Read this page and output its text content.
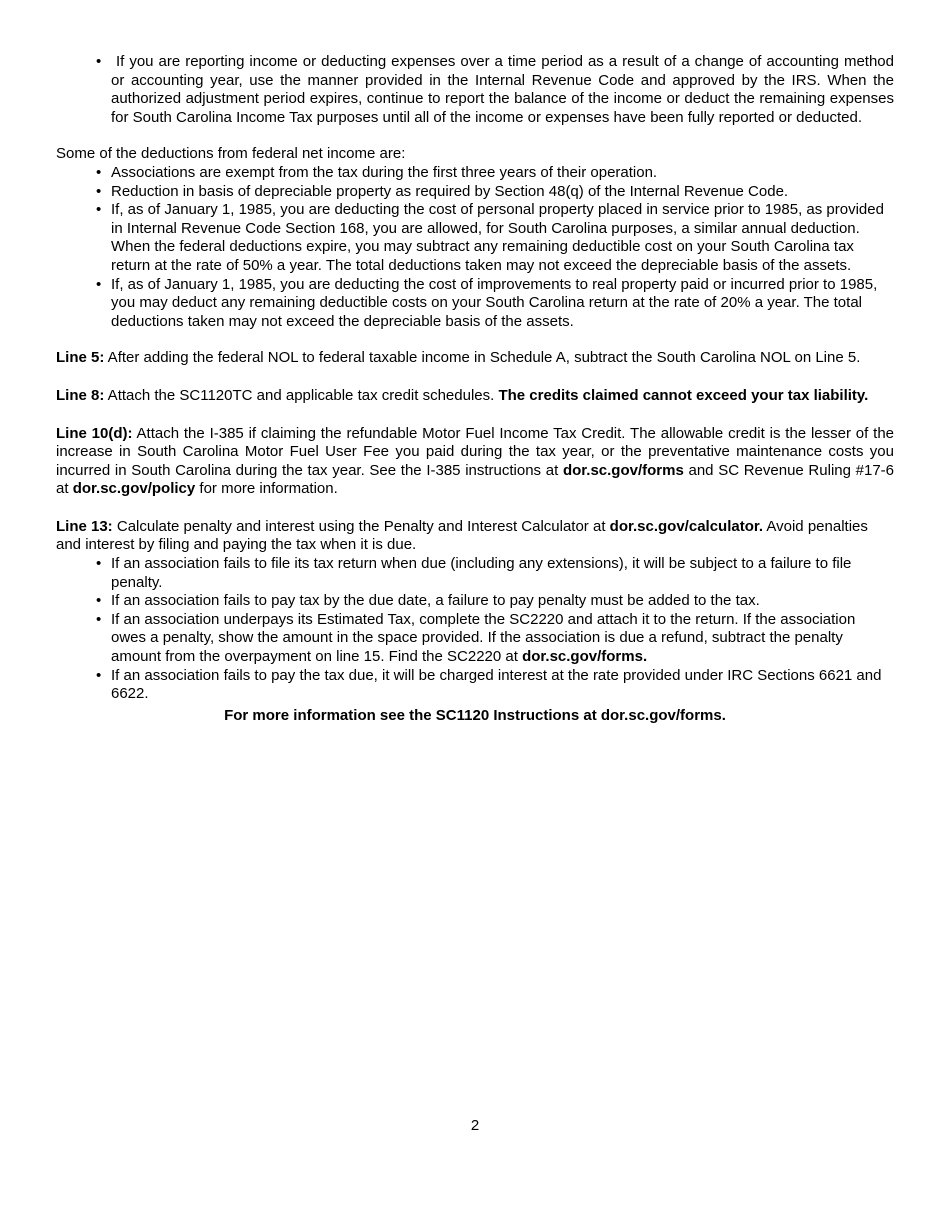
• If you are reporting income or deducting expenses over a time period as a result of a change of accounting method or accounting year, use the manner provided in the Internal Revenue Code and approved by the IRS. When the authorized adjustment period expires, continue to report the balance of the income or deduct the remaining expenses for South Carolina Income Tax purposes until all of the income or expenses have been fully reported or deducted.

Some of the deductions from federal net income are:

• Associations are exempt from the tax during the first three years of their operation.
• Reduction in basis of depreciable property as required by Section 48(q) of the Internal Revenue Code.
• If, as of January 1, 1985, you are deducting the cost of personal property placed in service prior to 1985, as provided in Internal Revenue Code Section 168, you are allowed, for South Carolina purposes, a similar annual deduction. When the federal deductions expire, you may subtract any remaining deductible cost on your South Carolina tax return at the rate of 50% a year. The total deductions taken may not exceed the depreciable basis of the assets.
• If, as of January 1, 1985, you are deducting the cost of improvements to real property paid or incurred prior to 1985, you may deduct any remaining deductible costs on your South Carolina return at the rate of 20% a year. The total deductions taken may not exceed the depreciable basis of the assets.

Line 5: After adding the federal NOL to federal taxable income in Schedule A, subtract the South Carolina NOL on Line 5.

Line 8: Attach the SC1120TC and applicable tax credit schedules. The credits claimed cannot exceed your tax liability.

Line 10(d): Attach the I-385 if claiming the refundable Motor Fuel Income Tax Credit. The allowable credit is the lesser of the increase in South Carolina Motor Fuel User Fee you paid during the tax year, or the preventative maintenance costs you incurred in South Carolina during the tax year. See the I-385 instructions at dor.sc.gov/forms and SC Revenue Ruling #17-6 at dor.sc.gov/policy for more information.

Line 13: Calculate penalty and interest using the Penalty and Interest Calculator at dor.sc.gov/calculator. Avoid penalties and interest by filing and paying the tax when it is due.

• If an association fails to file its tax return when due (including any extensions), it will be subject to a failure to file penalty.
• If an association fails to pay tax by the due date, a failure to pay penalty must be added to the tax.
• If an association underpays its Estimated Tax, complete the SC2220 and attach it to the return. If the association owes a penalty, show the amount in the space provided. If the association is due a refund, subtract the penalty amount from the overpayment on line 15. Find the SC2220 at dor.sc.gov/forms.
• If an association fails to pay the tax due, it will be charged interest at the rate provided under IRC Sections 6621 and 6622.

For more information see the SC1120 Instructions at dor.sc.gov/forms.

2
